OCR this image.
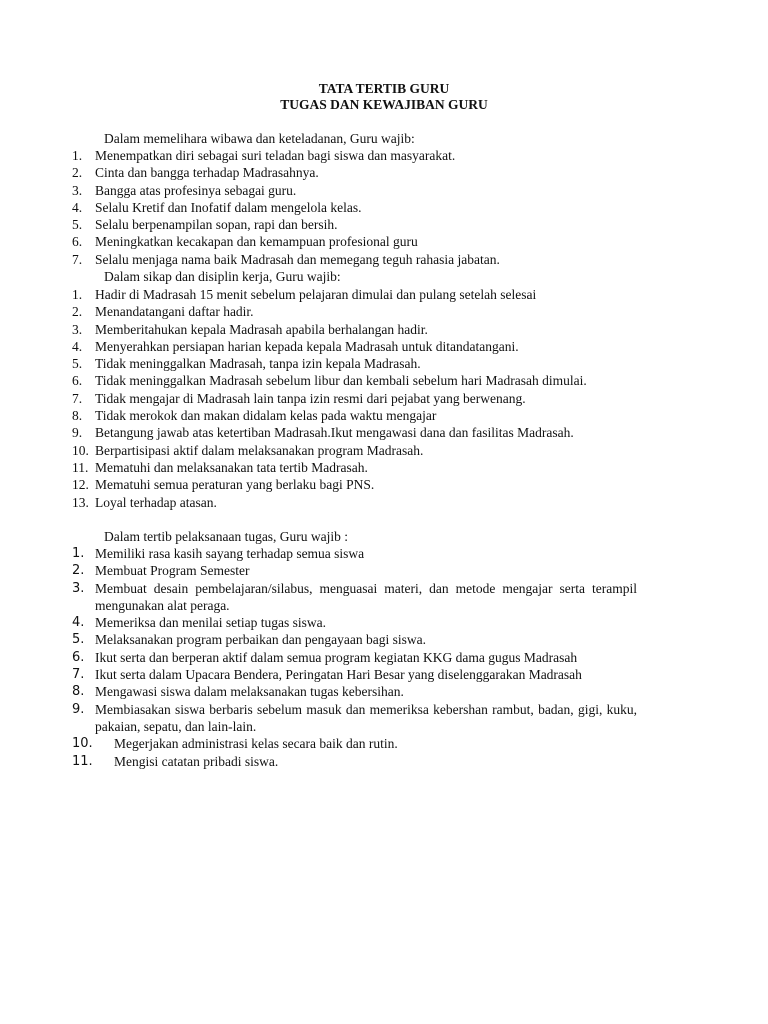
TATA TERTIB GURU
TUGAS DAN KEWAJIBAN GURU
Dalam memelihara wibawa dan keteladanan, Guru wajib:
1. Menempatkan diri sebagai suri teladan bagi siswa dan masyarakat.
2. Cinta dan bangga terhadap Madrasahnya.
3. Bangga atas profesinya sebagai guru.
4. Selalu Kretif dan Inofatif dalam mengelola kelas.
5. Selalu berpenampilan sopan, rapi dan bersih.
6. Meningkatkan kecakapan dan kemampuan profesional guru
7. Selalu menjaga nama baik Madrasah dan memegang teguh rahasia jabatan.
Dalam sikap dan disiplin kerja, Guru wajib:
1. Hadir di Madrasah 15 menit sebelum pelajaran dimulai dan pulang setelah selesai
2. Menandatangani daftar hadir.
3. Memberitahukan kepala Madrasah apabila berhalangan hadir.
4. Menyerahkan persiapan harian kepada kepala Madrasah untuk ditandatangani.
5. Tidak meninggalkan Madrasah, tanpa izin kepala Madrasah.
6. Tidak meninggalkan Madrasah sebelum libur dan kembali sebelum hari Madrasah dimulai.
7. Tidak mengajar di Madrasah lain tanpa izin resmi dari pejabat yang berwenang.
8. Tidak merokok dan makan didalam kelas pada waktu mengajar
9. Betangung jawab atas ketertiban Madrasah.Ikut mengawasi dana dan fasilitas Madrasah.
10. Berpartisipasi aktif dalam melaksanakan program Madrasah.
11. Mematuhi dan melaksanakan tata tertib Madrasah.
12. Mematuhi semua peraturan yang berlaku bagi PNS.
13. Loyal terhadap atasan.
Dalam tertib pelaksanaan tugas, Guru wajib :
1. Memiliki rasa kasih sayang terhadap semua siswa
2. Membuat Program Semester
3. Membuat desain pembelajaran/silabus, menguasai materi, dan metode mengajar serta terampil mengunakan alat peraga.
4. Memeriksa dan menilai setiap tugas siswa.
5. Melaksanakan program perbaikan dan pengayaan bagi siswa.
6. Ikut serta dan berperan aktif dalam semua program kegiatan KKG dama gugus Madrasah
7. Ikut serta dalam Upacara Bendera, Peringatan Hari Besar yang diselenggarakan Madrasah
8. Mengawasi siswa dalam melaksanakan tugas kebersihan.
9. Membiasakan siswa berbaris sebelum masuk dan memeriksa kebershan rambut, badan, gigi, kuku, pakaian, sepatu, dan lain-lain.
10. Megerjakan administrasi kelas secara baik dan rutin.
11. Mengisi catatan pribadi siswa.
